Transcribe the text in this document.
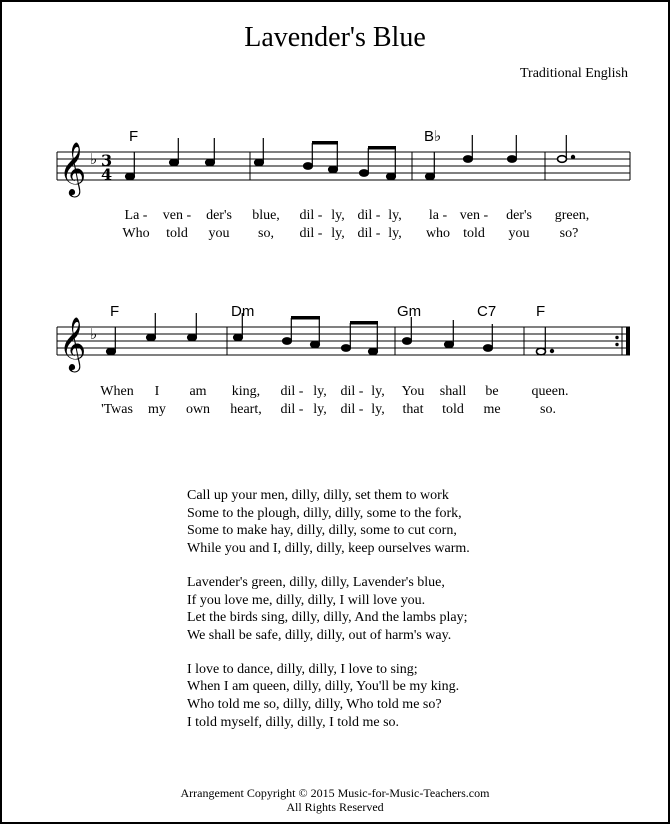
Lavender's Blue
Traditional English
𝄞 ♭ 3
4
F	B♭
La - ven - der's blue, dil - ly, dil - ly, la - ven - der's green,
Who told you so, dil - ly, dil - ly, who told you so?
𝄞 ♭
F	Dm	Gm	C7	F
When I am king, dil - ly, dil - ly, You shall be queen.
'Twas my own heart, dil - ly, dil - ly, that told me	so.
Call up your men, dilly, dilly, set them to work
Some to the plough, dilly, dilly, some to the fork,
Some to make hay, dilly, dilly, some to cut corn,
While you and I, dilly, dilly, keep ourselves warm.
Lavender's green, dilly, dilly, Lavender's blue,
If you love me, dilly, dilly, I will love you.
Let the birds sing, dilly, dilly, And the lambs play;
We shall be safe, dilly, dilly, out of harm's way.
I love to dance, dilly, dilly, I love to sing;
When I am queen, dilly, dilly, You'll be my king.
Who told me so, dilly, dilly, Who told me so?
I told myself, dilly, dilly, I told me so.
Arrangement Copyright © 2015 Music-for-Music-Teachers.com
All Rights Reserved
